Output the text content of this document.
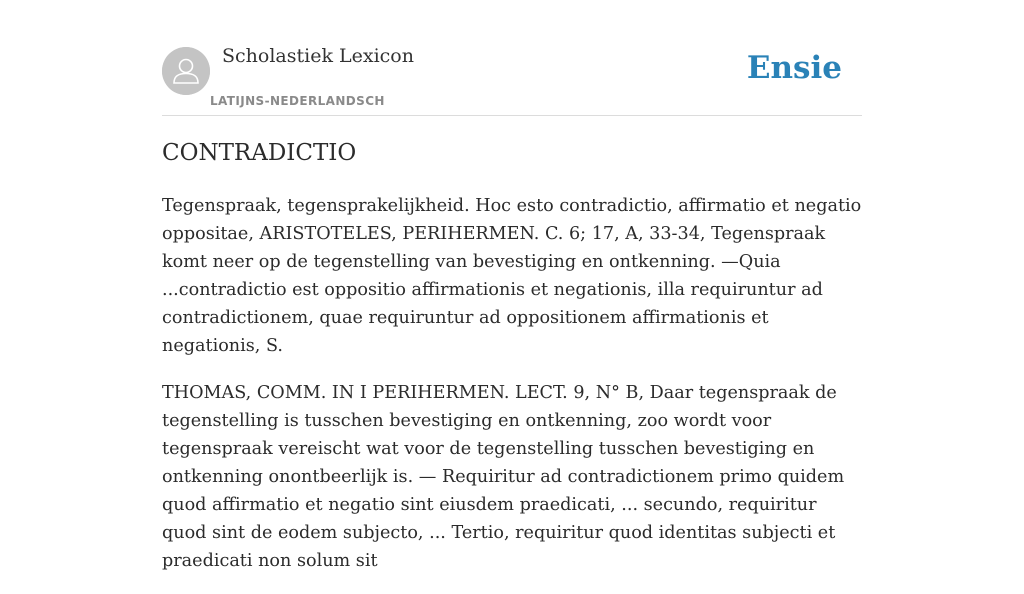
Scholastiek Lexicon
LATIJNS-NEDERLANDSCH
Ensie
CONTRADICTIO

Tegenspraak, tegensprakelijkheid. Hoc esto contradictio, affirmatio et negatio oppositae, ARISTOTELES, PERIHERMEN. C. 6; 17, A, 33-34, Tegenspraak komt neer op de tegenstelling van bevestiging en ontkenning. —Quia ...contradictio est oppositio affirmationis et negationis, illa requiruntur ad contradictionem, quae requiruntur ad oppositionem affirmationis et negationis, S.

THOMAS, COMM. IN I PERIHERMEN. LECT. 9, N° B, Daar tegenspraak de tegenstelling is tusschen bevestiging en ontkenning, zoo wordt voor tegenspraak vereischt wat voor de tegenstelling tusschen bevestiging en ontkenning onontbeerlijk is. — Requiritur ad contradictionem primo quidem quod affirmatio et negatio sint eiusdem praedicati, ... secundo, requiritur quod sint de eodem subjecto, ... Tertio, requiritur quod identitas subjecti et praedicati non solum sit
